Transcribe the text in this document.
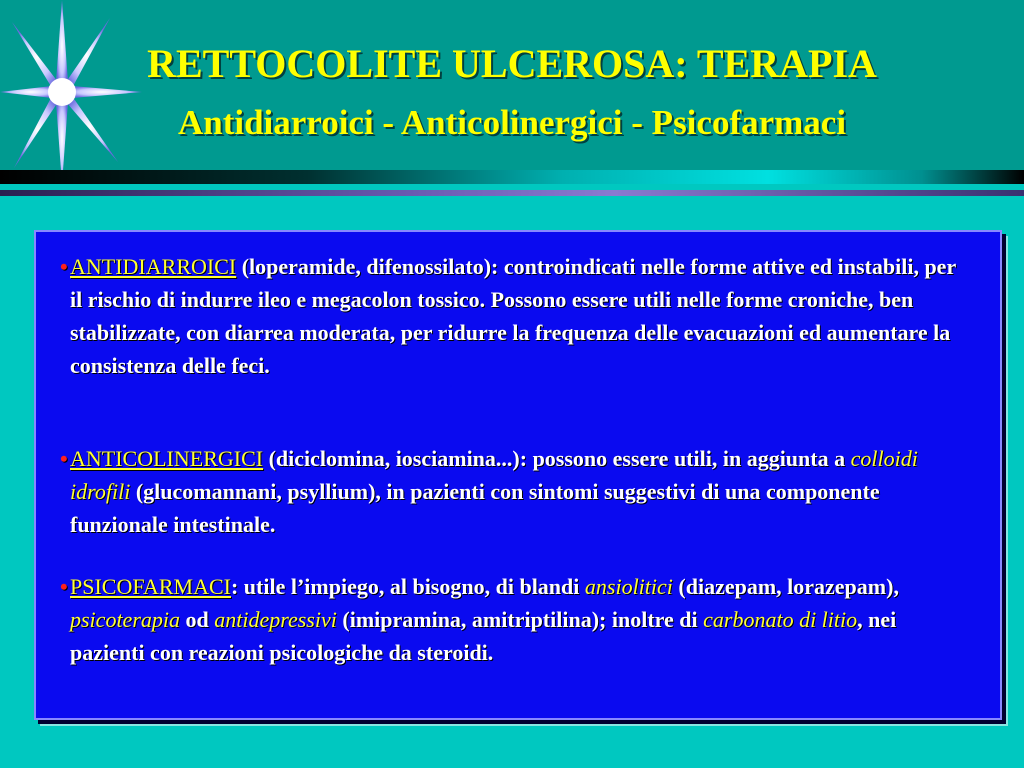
RETTOCOLITE ULCEROSA: TERAPIA
Antidiarroici - Anticolinergici - Psicofarmaci
• ANTIDIARROICI (loperamide, difenossilato): controindicati nelle forme attive ed instabili, per il rischio di indurre ileo e megacolon tossico. Possono essere utili nelle forme croniche, ben stabilizzate, con diarrea moderata, per ridurre la frequenza delle evacuazioni ed aumentare la consistenza delle feci.
• ANTICOLINERGICI (diciclomina, iosciamina...): possono essere utili, in aggiunta a colloidi idrofili (glucomannani, psyllium), in pazienti con sintomi suggestivi di una componente funzionale intestinale.
• PSICOFARMACI: utile l’impiego, al bisogno, di blandi ansiolitici (diazepam, lorazepam), psicoterapia od antidepressivi (imipramina, amitriptilina); inoltre di carbonato di litio, nei pazienti con reazioni psicologiche da steroidi.
